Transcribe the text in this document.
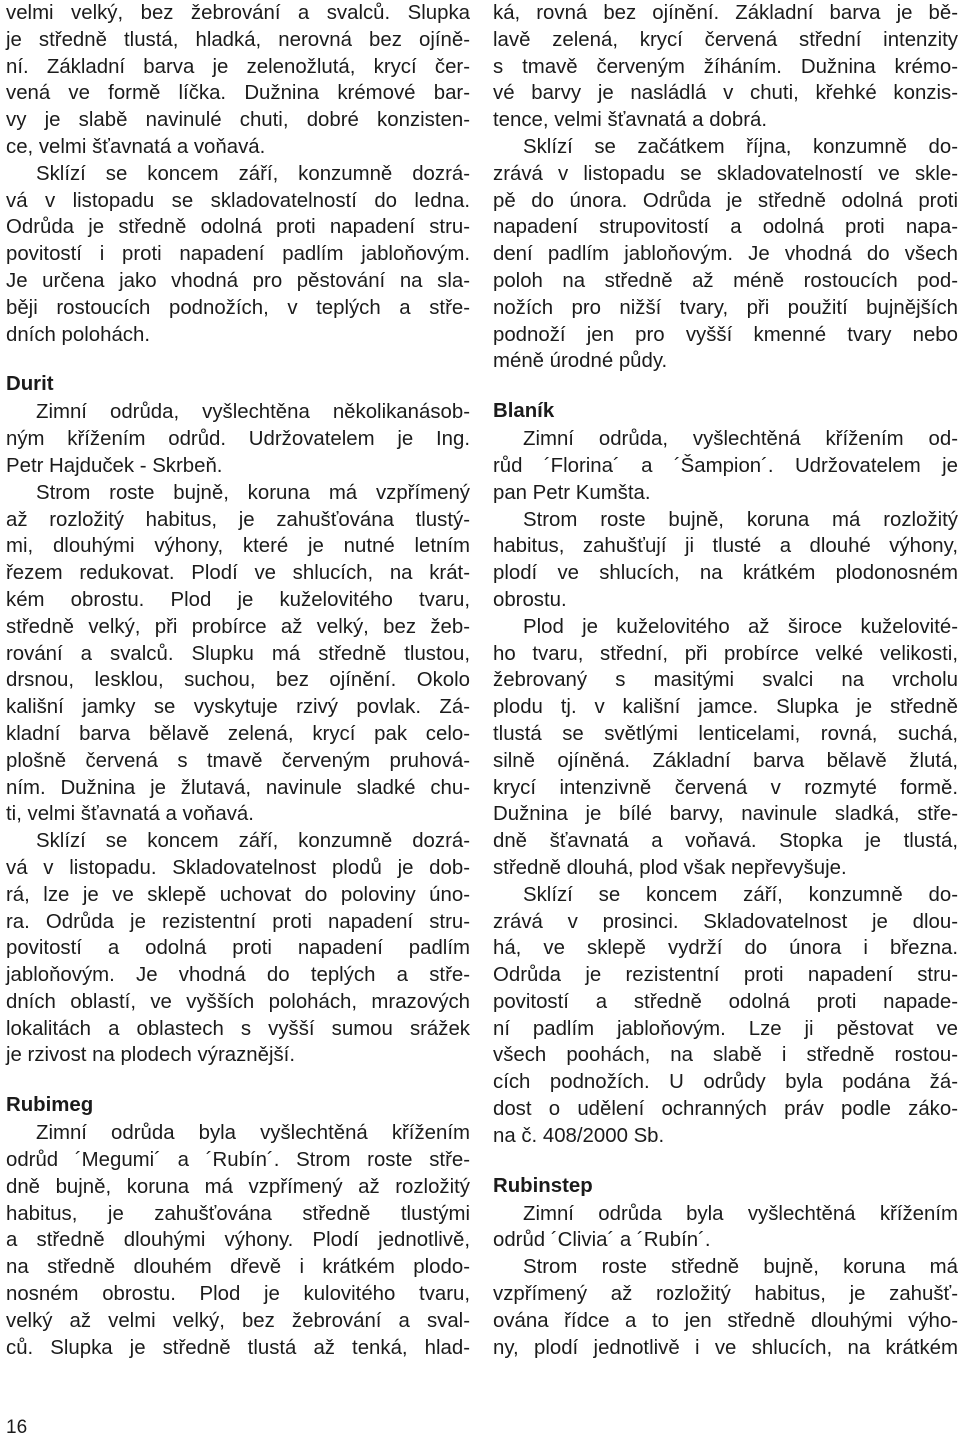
velmi velký, bez žebrování a svalců. Slupka
je středně tlustá, hladká, nerovná bez ojíně-
ní. Základní barva je zelenožlutá, krycí čer-
vená ve formě líčka. Dužnina krémové bar-
vy je slabě navinulé chuti, dobré konzisten-
ce, velmi šťavnatá a voňavá.
Sklízí se koncem září, konzumně dozrá-
vá v listopadu se skladovatelností do ledna.
Odrůda je středně odolná proti napadení stru-
povitostí i proti napadení padlím jabloňovým.
Je určena jako vhodná pro pěstování na sla-
běji rostoucích podnožích, v teplých a stře-
dních polohách.
Durit
Zimní odrůda, vyšlechtěna několikanásob-
ným křížením odrůd. Udržovatelem je Ing.
Petr Hajduček - Skrbeň.
Strom roste bujně, koruna má vzpřímený
až rozložitý habitus, je zahušťována tlustý-
mi, dlouhými výhony, které je nutné letním
řezem redukovat. Plodí ve shlucích, na krát-
kém obrostu. Plod je kuželovitého tvaru,
středně velký, při probírce až velký, bez žeb-
rování a svalců. Slupku má středně tlustou,
drsnou, lesklou, suchou, bez ojínění. Okolo
kališní jamky se vyskytuje rzivý povlak. Zá-
kladní barva bělavě zelená, krycí pak celo-
plošně červená s tmavě červeným pruhová-
ním. Dužnina je žlutavá, navinule sladké chu-
ti, velmi šťavnatá a voňavá.
Sklízí se koncem září, konzumně dozrá-
vá v listopadu. Skladovatelnost plodů je dob-
rá, lze je ve sklepě uchovat do poloviny úno-
ra. Odrůda je rezistentní proti napadení stru-
povitostí a odolná proti napadení padlím
jabloňovým. Je vhodná do teplých a stře-
dních oblastí, ve vyšších polohách, mrazových
lokalitách a oblastech s vyšší sumou srážek
je rzivost na plodech výraznější.
Rubimeg
Zimní odrůda byla vyšlechtěná křížením
odrůd ´Megumi´ a ´Rubín´. Strom roste stře-
dně bujně, koruna má vzpřímený až rozložitý
habitus, je zahušťována středně tlustými
a středně dlouhými výhony. Plodí jednotlivě,
na středně dlouhém dřevě i krátkém plodo-
nosném obrostu. Plod je kulovitého tvaru,
velký až velmi velký, bez žebrování a sval-
ců. Slupka je středně tlustá až tenká, hlad-
ká, rovná bez ojínění. Základní barva je bě-
lavě zelená, krycí červená střední intenzity
s tmavě červeným žíháním. Dužnina krémo-
vé barvy je nasládlá v chuti, křehké konzis-
tence, velmi šťavnatá a dobrá.
Sklízí se začátkem října, konzumně do-
zrává v listopadu se skladovatelností ve skle-
pě do února. Odrůda je středně odolná proti
napadení strupovitostí a odolná proti napa-
dení padlím jabloňovým. Je vhodná do všech
poloh na středně až méně rostoucích pod-
nožích pro nižší tvary, při použití bujnějších
podnoží jen pro vyšší kmenné tvary nebo
méně úrodné půdy.
Blaník
Zimní odrůda, vyšlechtěná křížením od-
růd ´Florina´ a ´Šampion´. Udržovatelem je
pan Petr Kumšta.
Strom roste bujně, koruna má rozložitý
habitus, zahušťují ji tlusté a dlouhé výhony,
plodí ve shlucích, na krátkém plodonosném
obrostu.
Plod je kuželovitého až široce kuželovité-
ho tvaru, střední, při probírce velké velikosti,
žebrovaný s masitými svalci na vrcholu
plodu tj. v kališní jamce. Slupka je středně
tlustá se světlými lenticelami, rovná, suchá,
silně ojíněná. Základní barva bělavě žlutá,
krycí intenzivně červená v rozmyté formě.
Dužnina je bílé barvy, navinule sladká, stře-
dně šťavnatá a voňavá. Stopka je tlustá,
středně dlouhá, plod však nepřevyšuje.
Sklízí se koncem září, konzumně do-
zrává v prosinci. Skladovatelnost je dlou-
há, ve sklepě vydrží do února i března.
Odrůda je rezistentní proti napadení stru-
povitostí a středně odolná proti napade-
ní padlím jabloňovým. Lze ji pěstovat ve
všech poohách, na slabě i středně rostou-
cích podnožích. U odrůdy byla podána žá-
dost o udělení ochranných práv podle záko-
na č. 408/2000 Sb.
Rubinstep
Zimní odrůda byla vyšlechtěná křížením
odrůd ´Clivia´ a ´Rubín´.
Strom roste středně bujně, koruna má
vzpřímený až rozložitý habitus, je zahušť-
ována řídce a to jen středně dlouhými výho-
ny, plodí jednotlivě i ve shlucích, na krátkém
16
